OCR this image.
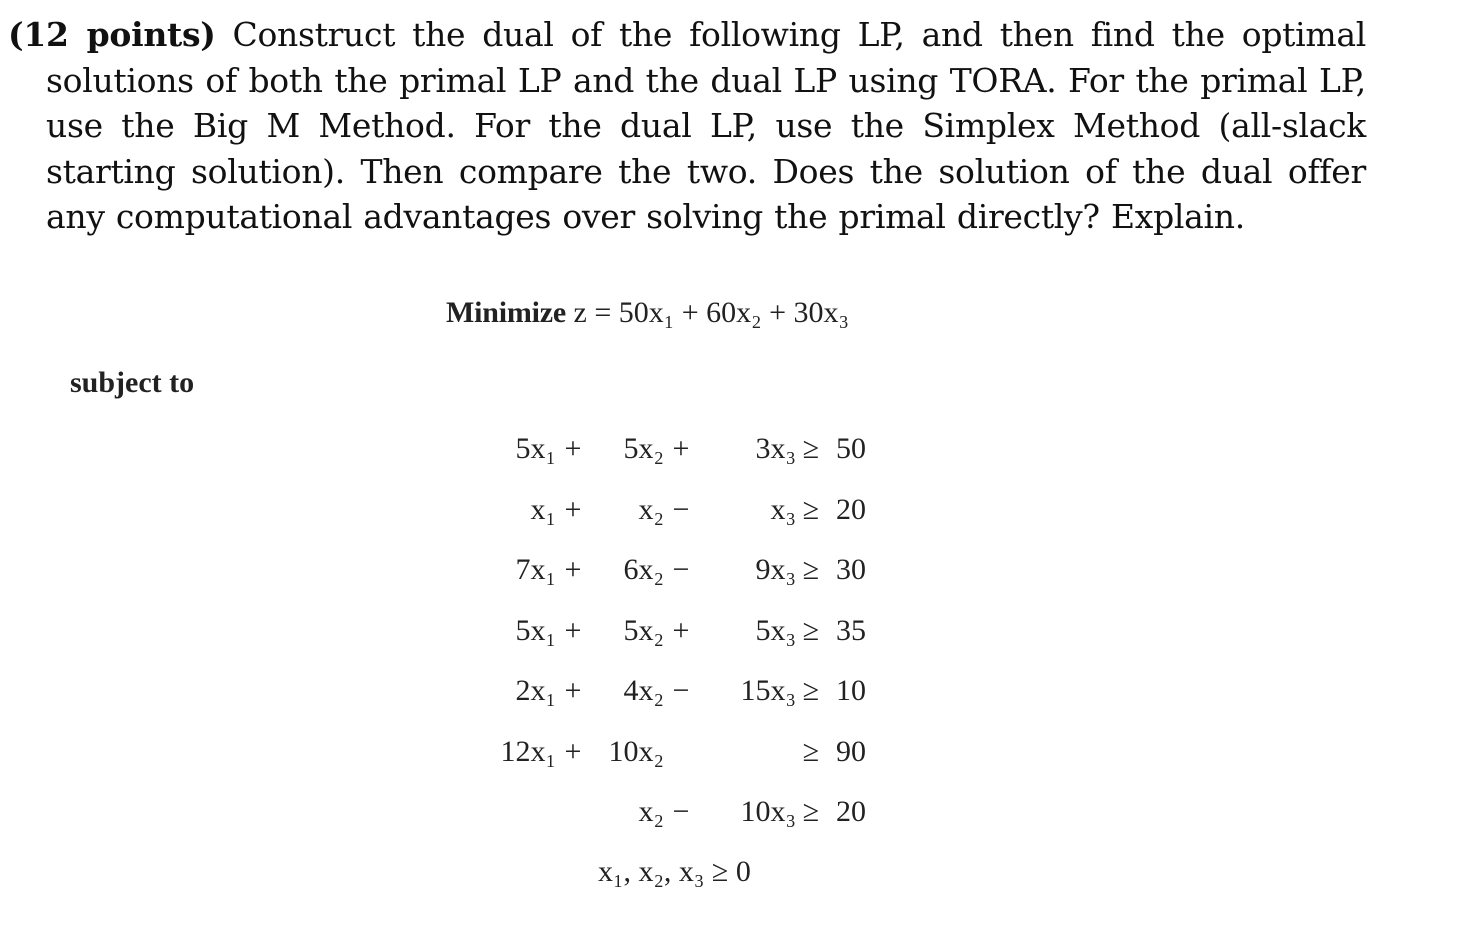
(12 points) Construct the dual of the following LP, and then find the optimal solutions of both the primal LP and the dual LP using TORA. For the primal LP, use the Big M Method. For the dual LP, use the Simplex Method (all-slack starting solution). Then compare the two. Does the solution of the dual offer any computational advantages over solving the primal directly? Explain.
Minimize z = 50x₁ + 60x₂ + 30x₃
subject to
5x₁ + 5x₂ + 3x₃ ≥ 50
x₁ + x₂ −	x₃ ≥ 20
7x₁ + 6x₂ − 9x₃ ≥ 30
5x₁ + 5x₂ + 5x₃ ≥ 35
2x₁ + 4x₂ − 15x₃ ≥ 10
12x₁ + 10x₂	≥ 90
x₂ − 10x₃ ≥ 20
x₁, x₂, x₃ ≥ 0
